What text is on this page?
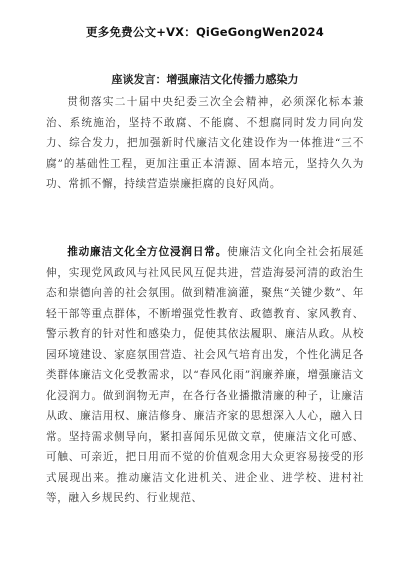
更多免费公文+VX：QiGeGongWen2024
座谈发言：增强廉洁文化传播力感染力
贯彻落实二十届中央纪委三次全会精神，必须深化标本兼治、系统施治，坚持不敢腐、不能腐、不想腐同时发力同向发力、综合发力，把加强新时代廉洁文化建设作为一体推进“三不腐”的基础性工程，更加注重正本清源、固本培元，坚持久久为功、常抓不懈，持续营造崇廉拒腐的良好风尚。
推动廉洁文化全方位浸润日常。使廉洁文化向全社会拓展延伸，实现党风政风与社风民风互促共进，营造海晏河清的政治生态和崇德向善的社会氛围。做到精准滴灌，聚焦“关键少数”、年轻干部等重点群体，不断增强党性教育、政德教育、家风教育、警示教育的针对性和感染力，促使其依法履职、廉洁从政。从校园环境建设、家庭氛围营造、社会风气培育出发，个性化满足各类群体廉洁文化受教需求，以“春风化雨”润廉养廉，增强廉洁文化浸润力。做到润物无声，在各行各业播撒清廉的种子，让廉洁从政、廉洁用权、廉洁修身、廉洁齐家的思想深入人心，融入日常。坚持需求侧导向，紧扣喜闻乐见做文章，使廉洁文化可感、可触、可亲近，把日用而不觉的价值观念用大众更容易接受的形式展现出来。推动廉洁文化进机关、进企业、进学校、进村社等，融入乡规民约、行业规范、
